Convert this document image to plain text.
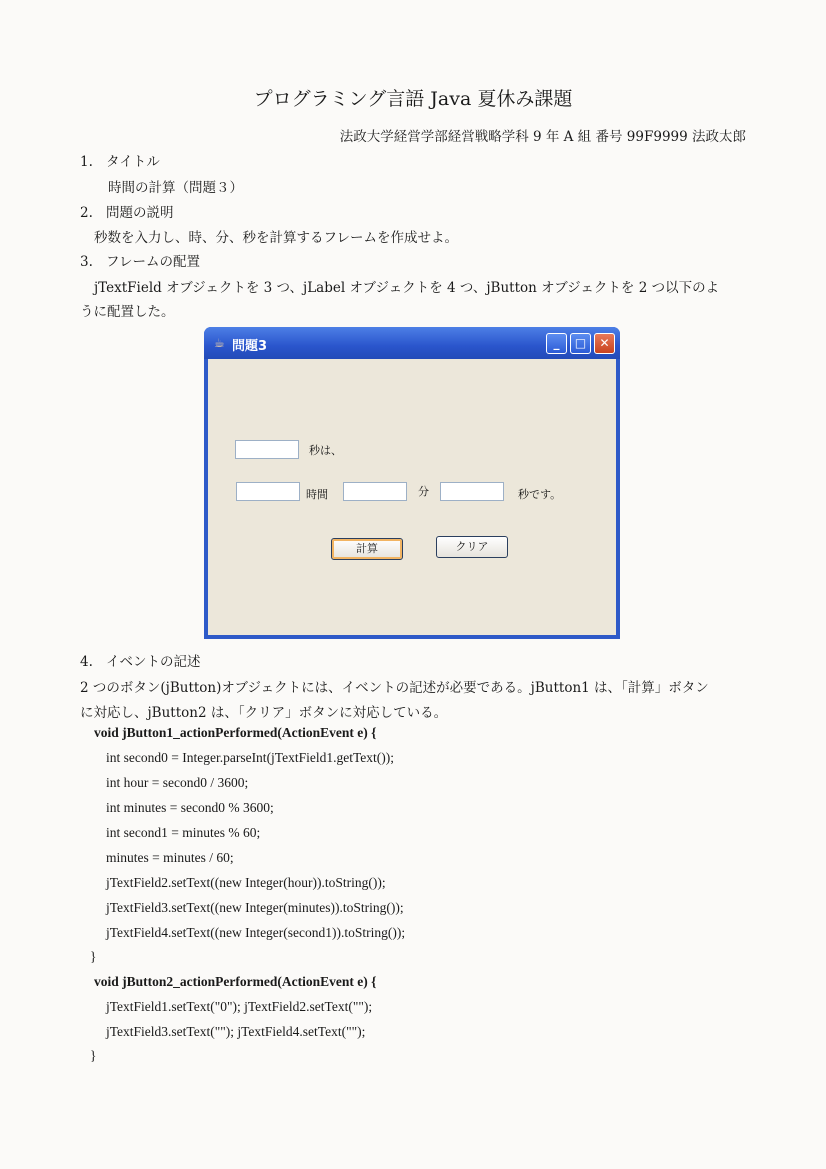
プログラミング言語 Java 夏休み課題
法政大学経営学部経営戦略学科 9 年 A 組 番号 99F9999 法政太郎
1. タイトル
時間の計算（問題３）
2. 問題の説明
秒数を入力し、時、分、秒を計算するフレームを作成せよ。
3. フレームの配置
jTextField オブジェクトを 3 つ、jLabel オブジェクトを 4 つ、jButton オブジェクトを 2 つ以下のよ
うに配置した。
☕ 問題3	_	□	✕
秒は、
時間	分	秒です。
計算	クリア
4. イベントの記述
2 つのボタン(jButton)オブジェクトには、イベントの記述が必要である。jButton1 は、「計算」ボタン
に対応し、jButton2 は、「クリア」ボタンに対応している。
void jButton1_actionPerformed(ActionEvent e) {
int second0 = Integer.parseInt(jTextField1.getText());
int hour = second0 / 3600;
int minutes = second0 % 3600;
int second1 = minutes % 60;
minutes = minutes / 60;
jTextField2.setText((new Integer(hour)).toString());
jTextField3.setText((new Integer(minutes)).toString());
jTextField4.setText((new Integer(second1)).toString());
}
void jButton2_actionPerformed(ActionEvent e) {
jTextField1.setText("0"); jTextField2.setText("");
jTextField3.setText(""); jTextField4.setText("");
}
